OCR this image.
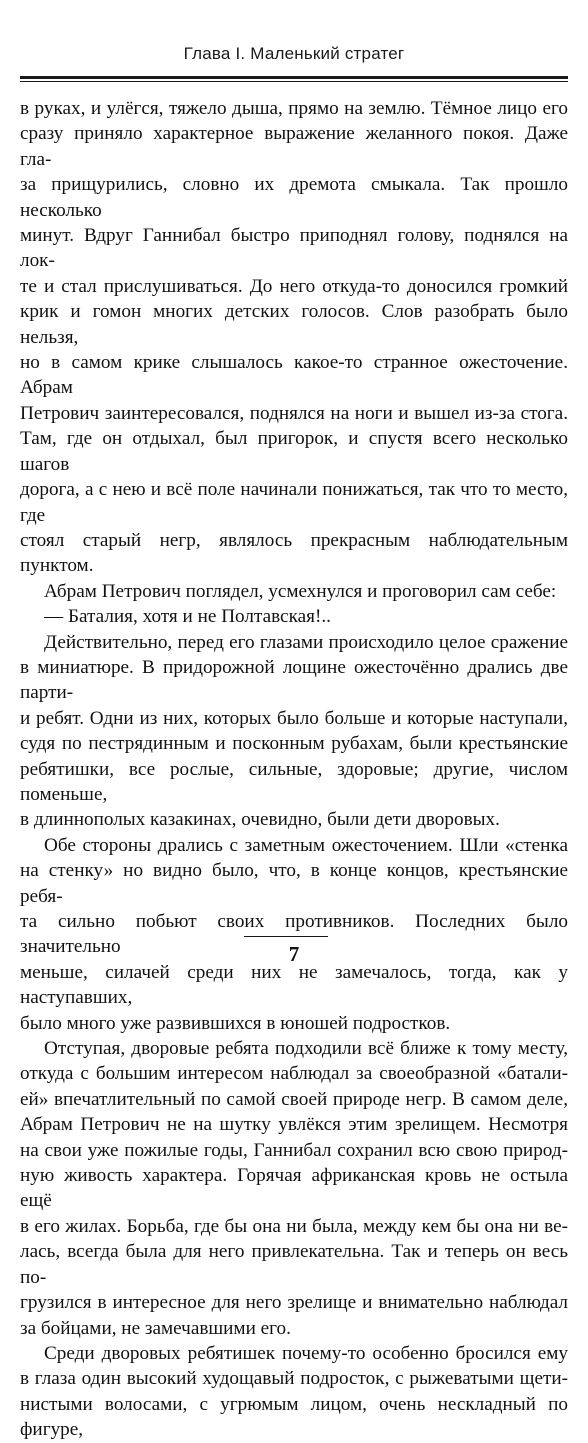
Глава I. Маленький стратег

в руках, и улёгся, тяжело дыша, прямо на землю. Тёмное лицо его

сразу приняло характерное выражение желанного покоя. Даже гла-

за прищурились, словно их дремота смыкала. Так прошло несколько

минут. Вдруг Ганнибал быстро приподнял голову, поднялся на лок-

те и стал прислушиваться. До него откуда-то доносился громкий

крик и гомон многих детских голосов. Слов разобрать было нельзя,

но в самом крике слышалось какое-то странное ожесточение. Абрам

Петрович заинтересовался, поднялся на ноги и вышел из-за стога.

Там, где он отдыхал, был пригорок, и спустя всего несколько шагов

дорога, а с нею и всё поле начинали понижаться, так что то место, где

стоял старый негр, являлось прекрасным наблюдательным пунктом.

Абрам Петрович поглядел, усмехнулся и проговорил сам себе:

— Баталия, хотя и не Полтавская!..

Действительно, перед его глазами происходило целое сражение

в миниатюре. В придорожной лощине ожесточённо дрались две парти-

и ребят. Одни из них, которых было больше и которые наступали,

судя по пестрядинным и посконным рубахам, были крестьянские

ребятишки, все рослые, сильные, здоровые; другие, числом поменьше,

в длиннополых казакинах, очевидно, были дети дворовых.

Обе стороны дрались с заметным ожесточением. Шли «стенка

на стенку» но видно было, что, в конце концов, крестьянские ребя-

та сильно побьют своих противников. Последних было значительно

меньше, силачей среди них не замечалось, тогда, как у наступавших,

было много уже развившихся в юношей подростков.

Отступая, дворовые ребята подходили всё ближе к тому месту,

откуда с большим интересом наблюдал за своеобразной «батали-

ей» впечатлительный по самой своей природе негр. В самом деле,

Абрам Петрович не на шутку увлёкся этим зрелищем. Несмотря

на свои уже пожилые годы, Ганнибал сохранил всю свою природ-

ную живость характера. Горячая африканская кровь не остыла ещё

в его жилах. Борьба, где бы она ни была, между кем бы она ни ве-

лась, всегда была для него привлекательна. Так и теперь он весь по-

грузился в интересное для него зрелище и внимательно наблюдал

за бойцами, не замечавшими его.

Среди дворовых ребятишек почему-то особенно бросился ему

в глаза один высокий худощавый подросток, с рыжеватыми щети-

нистыми волосами, с угрюмым лицом, очень нескладный по фигуре,

7
